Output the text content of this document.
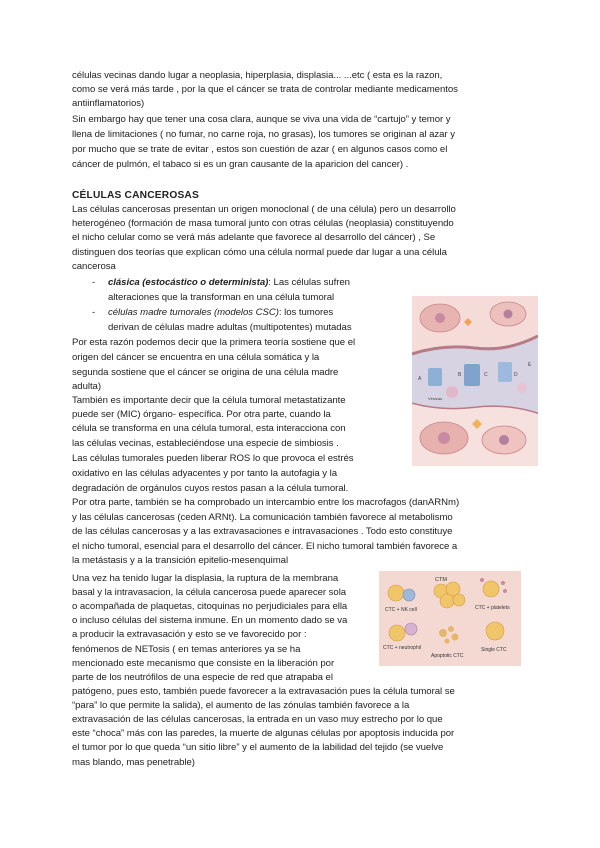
células vecinas dando lugar a neoplasia, hiperplasia, displasia... ...etc ( esta es la razon,
como se verá más tarde , por la que el cáncer se trata de controlar mediante medicamentos
antiinflamatorios)
Sin embargo hay que tener una cosa clara, aunque se viva una vida de “cartujo” y temor y
llena de limitaciones ( no fumar, no carne roja, no grasas), los tumores se originan al azar y
por mucho que se trate de evitar , estos son cuestión de azar ( en algunos casos como el
cáncer de pulmón, el tabaco si es un gran causante de la aparicion del cancer) .
CÉLULAS CANCEROSAS
Las células cancerosas presentan un origen monoclonal ( de una célula) pero un desarrollo
heterogéneo (formación de masa tumoral junto con otras células (neoplasia) constituyendo
el nicho celular como se verá más adelante que favorece al desarrollo del cáncer) , Se
distinguen dos teorías que explican cómo una célula normal puede dar lugar a una célula
cancerosa
- clásica (estocástico o determinista): Las células sufren
alteraciones que la transforman en una célula tumoral
- células madre tumorales (modelos CSC): los tumores
derivan de células madre adultas (multipotentes) mutadas
Por esta razón podemos decir que la primera teoría sostiene que el
origen del cáncer se encuentra en una célula somática y la
segunda sostiene que el cáncer se origina de una célula madre
adulta)
También es importante decir que la célula tumoral metastatizante
puede ser (MIC) órgano- específica. Por otra parte, cuando la
célula se transforma en una célula tumoral, esta interacciona con
las células vecinas, estableciéndose una especie de simbiosis .
Las células tumorales pueden liberar ROS lo que provoca el estrés
oxidativo en las células adyacentes y por tanto la autofagia y la
degradación de orgánulos cuyos restos pasan a la célula tumoral.
Por otra parte, también se ha comprobado un intercambio entre los macrofagos (danARNm)
y las células cancerosas (ceden ARNt). La comunicación también favorece al metabolismo
de las células cancerosas y a las extravasaciones e intravasaciones . Todo esto constituye
el nicho tumoral, esencial para el desarrollo del cáncer. El nicho tumoral también favorece a
la metástasis y a la transición epitelio-mesenquimal
Una vez ha tenido lugar la displasia, la ruptura de la membrana
basal y la intravasacion, la célula cancerosa puede aparecer sola
o acompañada de plaquetas, citoquinas no perjudiciales para ella
o incluso células del sistema inmune. En un momento dado se va
a producir la extravasación y esto se ve favorecido por :
fenómenos de NETosis ( en temas anteriores ya se ha
mencionado este mecanismo que consiste en la liberación por
parte de los neutrófilos de una especie de red que atrapaba el
patógeno, pues esto, también puede favorecer a la extravasación pues la célula tumoral se
“para” lo que permite la salida), el aumento de las zónulas también favorece a la
extravasación de las células cancerosas, la entrada en un vaso muy estrecho por lo que
este “choca” más con las paredes, la muerte de algunas células por apoptosis inducida por
el tumor por lo que queda “un sitio libre” y el aumento de la labilidad del tejido (se vuelve
mas blando, mas penetrable)
A
Vésicas
B	C	D
E
CTM
CTC + NK cell	CTC + platelets
CTC + neutrophil	Single CTC
Apoptotic CTC
